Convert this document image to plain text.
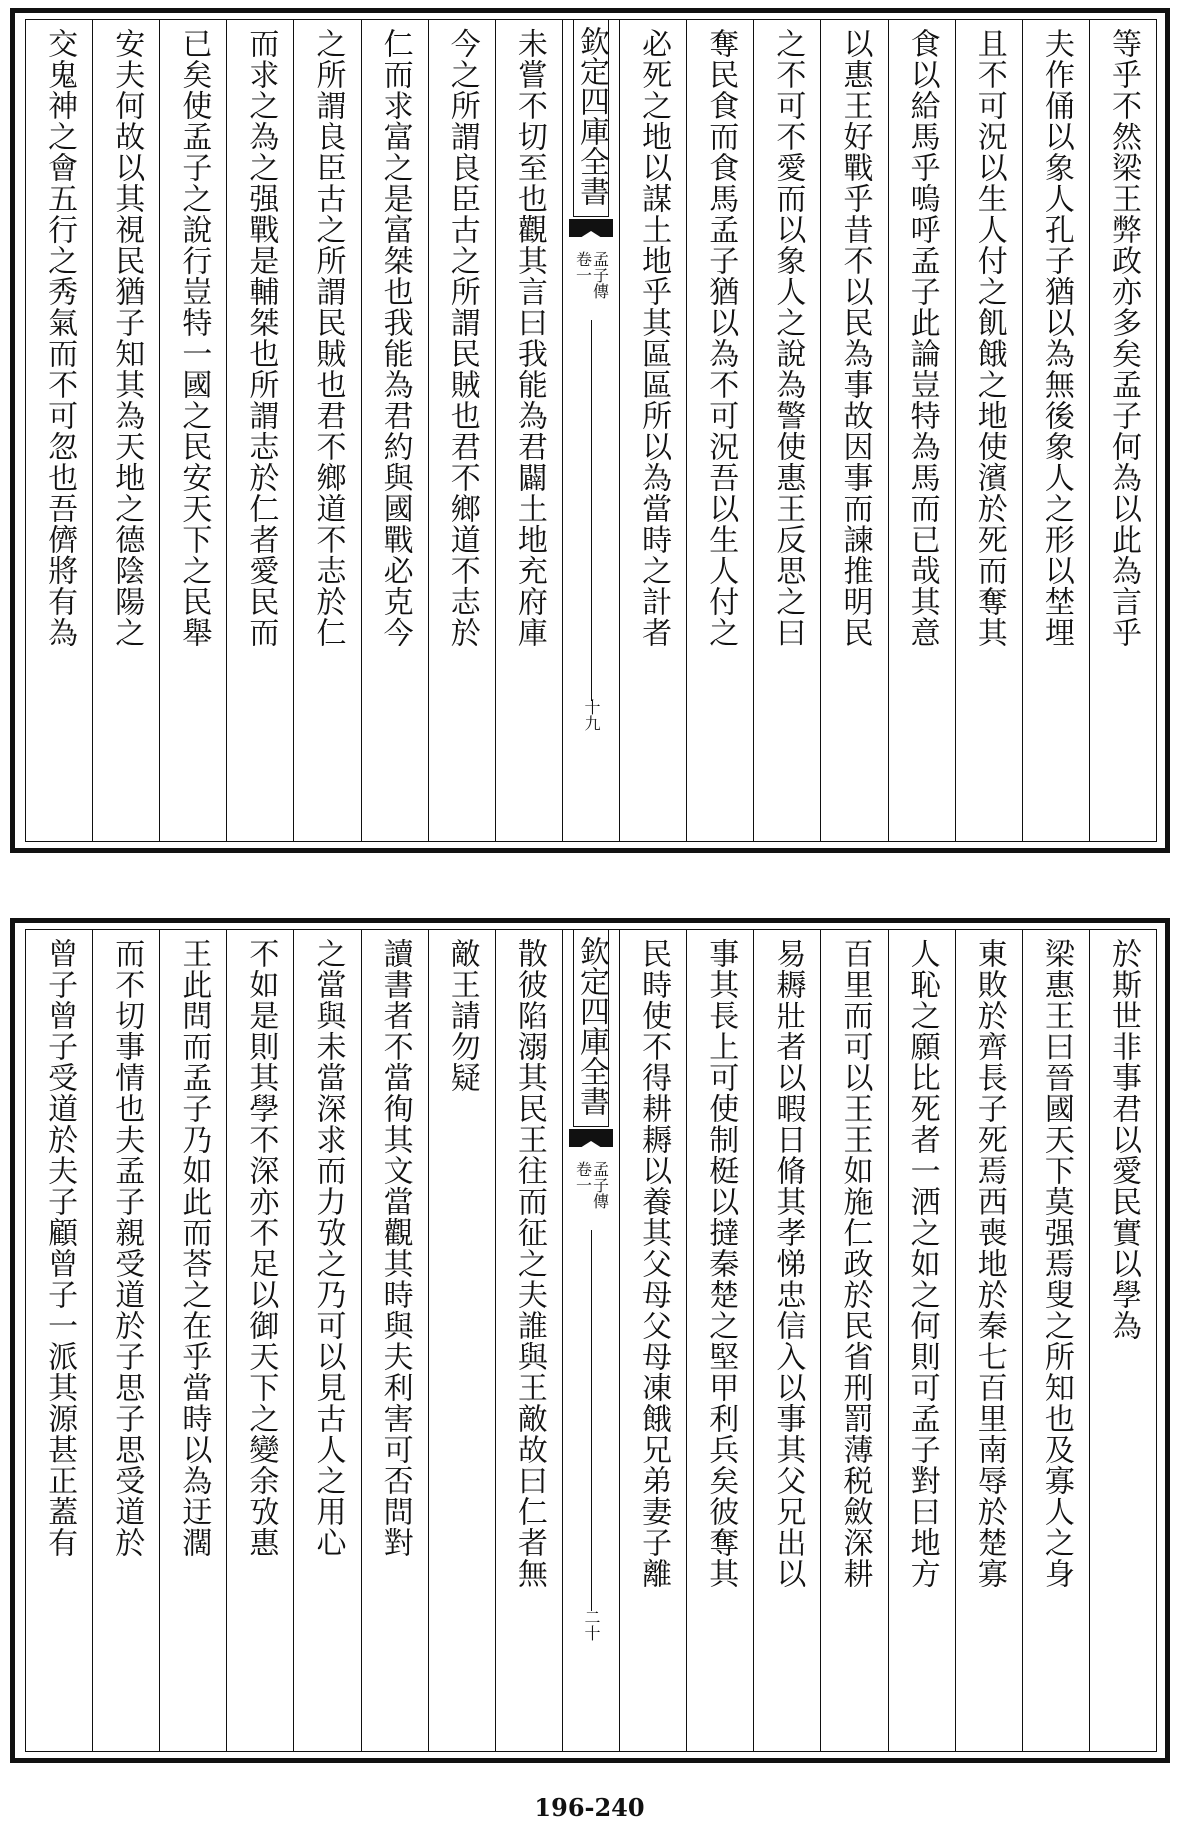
等乎不然梁王弊政亦多矣孟子何為以此為言乎
夫作俑以象人孔子猶以為無後象人之形以埜埋
且不可況以生人付之飢餓之地使濱於死而奪其
食以給馬乎嗚呼孟子此論豈特為馬而已哉其意
以惠王好戰乎昔不以民為事故因事而諫推明民
之不可不愛而以象人之說為警使惠王反思之曰
奪民食而食馬孟子猶以為不可況吾以生人付之
必死之地以謀土地乎其區區所以為當時之計者
欽定四庫全書
孟子傳
卷一
十九
未嘗不切至也觀其言曰我能為君闢土地充府庫
今之所謂良臣古之所謂民賊也君不鄉道不志於
仁而求富之是富桀也我能為君約與國戰必克今
之所謂良臣古之所謂民賊也君不鄉道不志於仁
而求之為之强戰是輔桀也所謂志於仁者愛民而
已矣使孟子之說行豈特一國之民安天下之民舉
安夫何故以其視民猶子知其為天地之德陰陽之
交鬼神之會五行之秀氣而不可忽也吾儕將有為
於斯世非事君以愛民實以學為
梁惠王曰晉國天下莫强焉叟之所知也及寡人之身
東敗於齊長子死焉西喪地於秦七百里南辱於楚寡
人恥之願比死者一洒之如之何則可孟子對曰地方
百里而可以王王如施仁政於民省刑罰薄税斂深耕
易耨壯者以暇日脩其孝悌忠信入以事其父兄出以
事其長上可使制梃以撻秦楚之堅甲利兵矣彼奪其
民時使不得耕耨以養其父母父母凍餓兄弟妻子離
欽定四庫全書
孟子傳
卷一
二十
散彼陷溺其民王往而征之夫誰與王敵故曰仁者無
敵王請勿疑
讀書者不當徇其文當觀其時與夫利害可否問對
之當與未當深求而力攷之乃可以見古人之用心
不如是則其學不深亦不足以御天下之變余攷惠
王此問而孟子乃如此而荅之在乎當時以為迂濶
而不切事情也夫孟子親受道於子思子思受道於
曾子曾子受道於夫子顧曾子一派其源甚正蓋有
196-240
